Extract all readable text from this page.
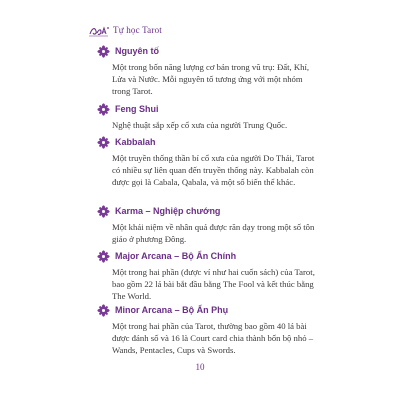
Tự học Tarot
Nguyên tố
Một trong bốn năng lượng cơ bản trong vũ trụ: Đất, Khí, Lửa và Nước. Mỗi nguyên tố tương ứng với một nhóm trong Tarot.
Feng Shui
Nghệ thuật sắp xếp cổ xưa của người Trung Quốc.
Kabbalah
Một truyền thống thần bí cổ xưa của người Do Thái, Tarot có nhiều sự liên quan đến truyền thống này. Kabbalah còn được gọi là Cabala, Qabala, và một số biến thể khác.
Karma – Nghiệp chướng
Một khái niệm về nhân quả được răn dạy trong một số tôn giáo ở phương Đông.
Major Arcana – Bộ Ẩn Chính
Một trong hai phần (được ví như hai cuốn sách) của Tarot, bao gồm 22 lá bài bắt đầu bằng The Fool và kết thúc bằng The World.
Minor Arcana – Bộ Ẩn Phụ
Một trong hai phần của Tarot, thường bao gồm 40 lá bài được đánh số và 16 là Court card chia thành bốn bộ nhỏ – Wands, Pentacles, Cups và Swords.
10
